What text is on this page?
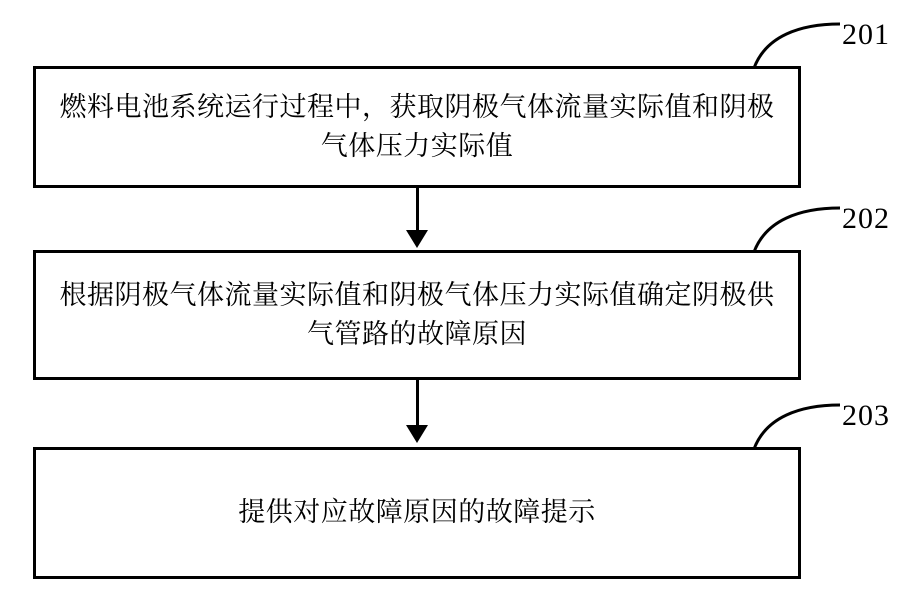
燃料电池系统运行过程中，获取阴极气体流量实际值和阴极气体压力实际值
201
根据阴极气体流量实际值和阴极气体压力实际值确定阴极供气管路的故障原因
202
提供对应故障原因的故障提示
203
